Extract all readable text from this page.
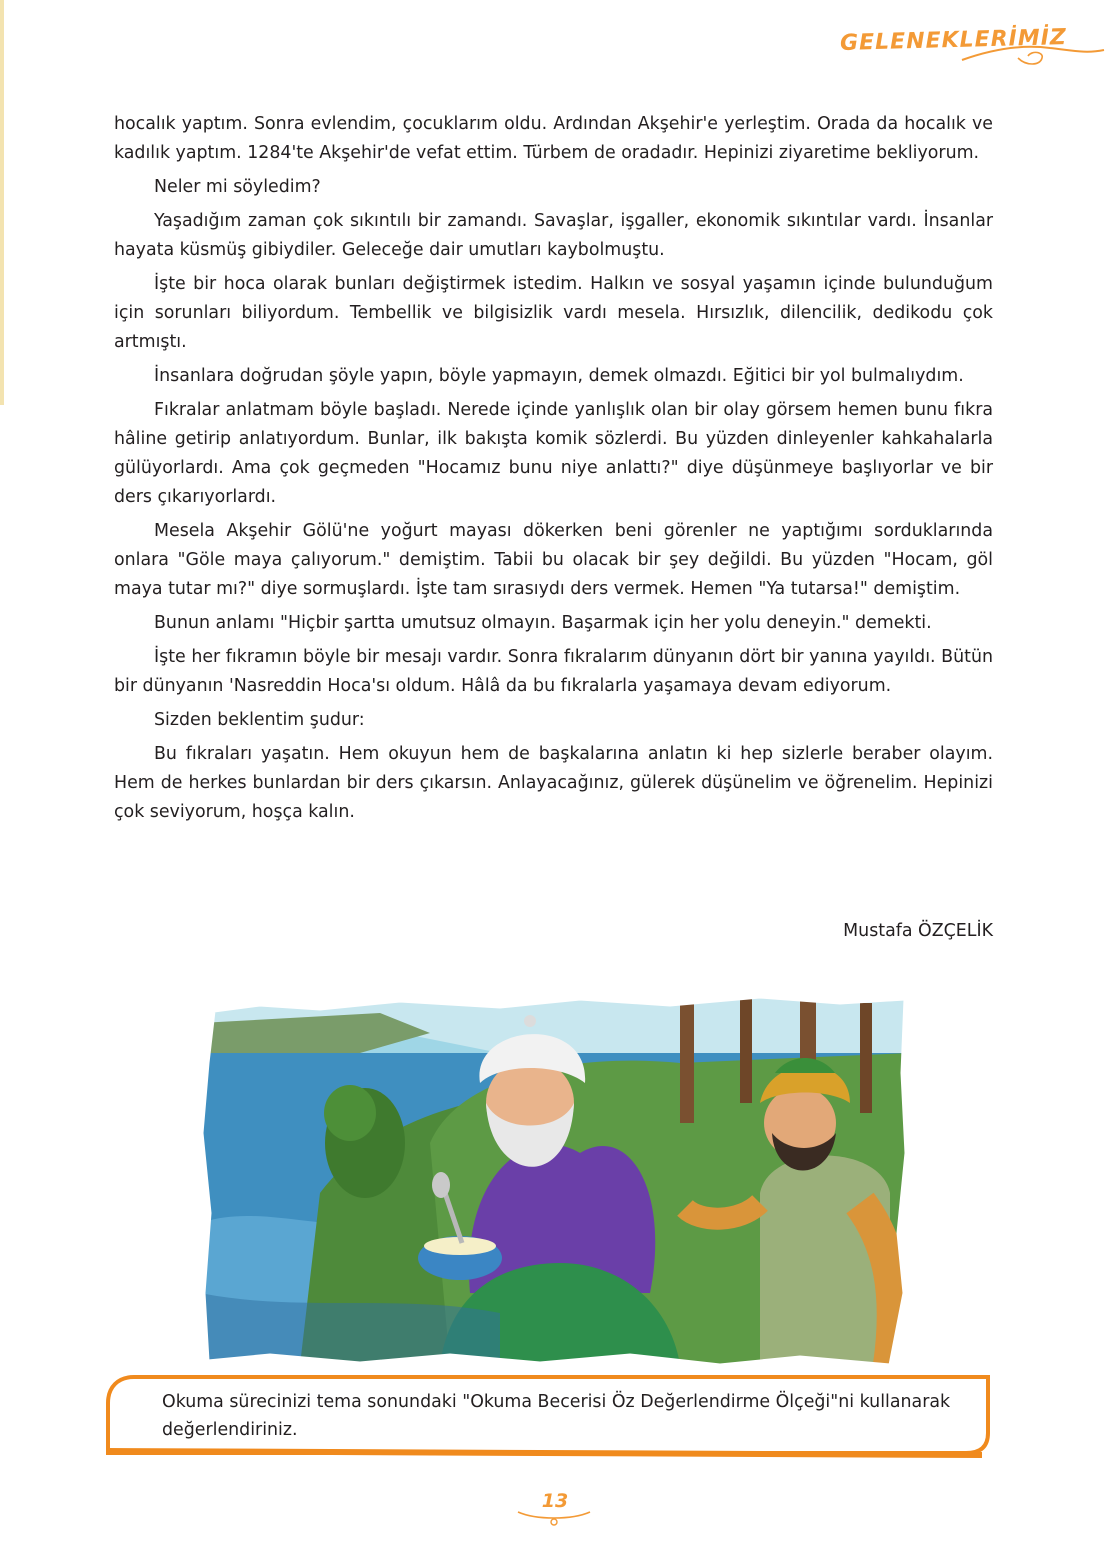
GELENEKLERİMİZ

hocalık yaptım. Sonra evlendim, çocuklarım oldu. Ardından Akşehir'e yerleştim. Orada da hocalık ve kadılık yaptım. 1284'te Akşehir'de vefat ettim. Türbem de oradadır. Hepinizi ziyaretime bekliyorum.

Neler mi söyledim?

Yaşadığım zaman çok sıkıntılı bir zamandı. Savaşlar, işgaller, ekonomik sıkıntılar vardı. İnsanlar hayata küsmüş gibiydiler. Geleceğe dair umutları kaybolmuştu.

İşte bir hoca olarak bunları değiştirmek istedim. Halkın ve sosyal yaşamın içinde bulunduğum için sorunları biliyordum. Tembellik ve bilgisizlik vardı mesela. Hırsızlık, dilencilik, dedikodu çok artmıştı.

İnsanlara doğrudan şöyle yapın, böyle yapmayın, demek olmazdı. Eğitici bir yol bulmalıydım.

Fıkralar anlatmam böyle başladı. Nerede içinde yanlışlık olan bir olay görsem hemen bunu fıkra hâline getirip anlatıyordum. Bunlar, ilk bakışta komik sözlerdi. Bu yüzden dinleyenler kahkahalarla gülüyorlardı. Ama çok geçmeden "Hocamız bunu niye anlattı?" diye düşünmeye başlıyorlar ve bir ders çıkarıyorlardı.

Mesela Akşehir Gölü'ne yoğurt mayası dökerken beni görenler ne yaptığımı sorduklarında onlara "Göle maya çalıyorum." demiştim. Tabii bu olacak bir şey değildi. Bu yüzden "Hocam, göl maya tutar mı?" diye sormuşlardı. İşte tam sırasıydı ders vermek. Hemen "Ya tutarsa!" demiştim.

Bunun anlamı "Hiçbir şartta umutsuz olmayın. Başarmak için her yolu deneyin." demekti.

İşte her fıkramın böyle bir mesajı vardır. Sonra fıkralarım dünyanın dört bir yanına yayıldı. Bütün bir dünyanın 'Nasreddin Hoca'sı oldum. Hâlâ da bu fıkralarla yaşamaya devam ediyorum.

Sizden beklentim şudur:

Bu fıkraları yaşatın. Hem okuyun hem de başkalarına anlatın ki hep sizlerle beraber olayım. Hem de herkes bunlardan bir ders çıkarsın. Anlayacağınız, gülerek düşünelim ve öğrenelim. Hepinizi çok seviyorum, hoşça kalın.

Mustafa ÖZÇELİK
Okuma sürecinizi tema sonundaki "Okuma Becerisi Öz Değerlendirme Ölçeği"ni kullanarak değerlendiriniz.
13
